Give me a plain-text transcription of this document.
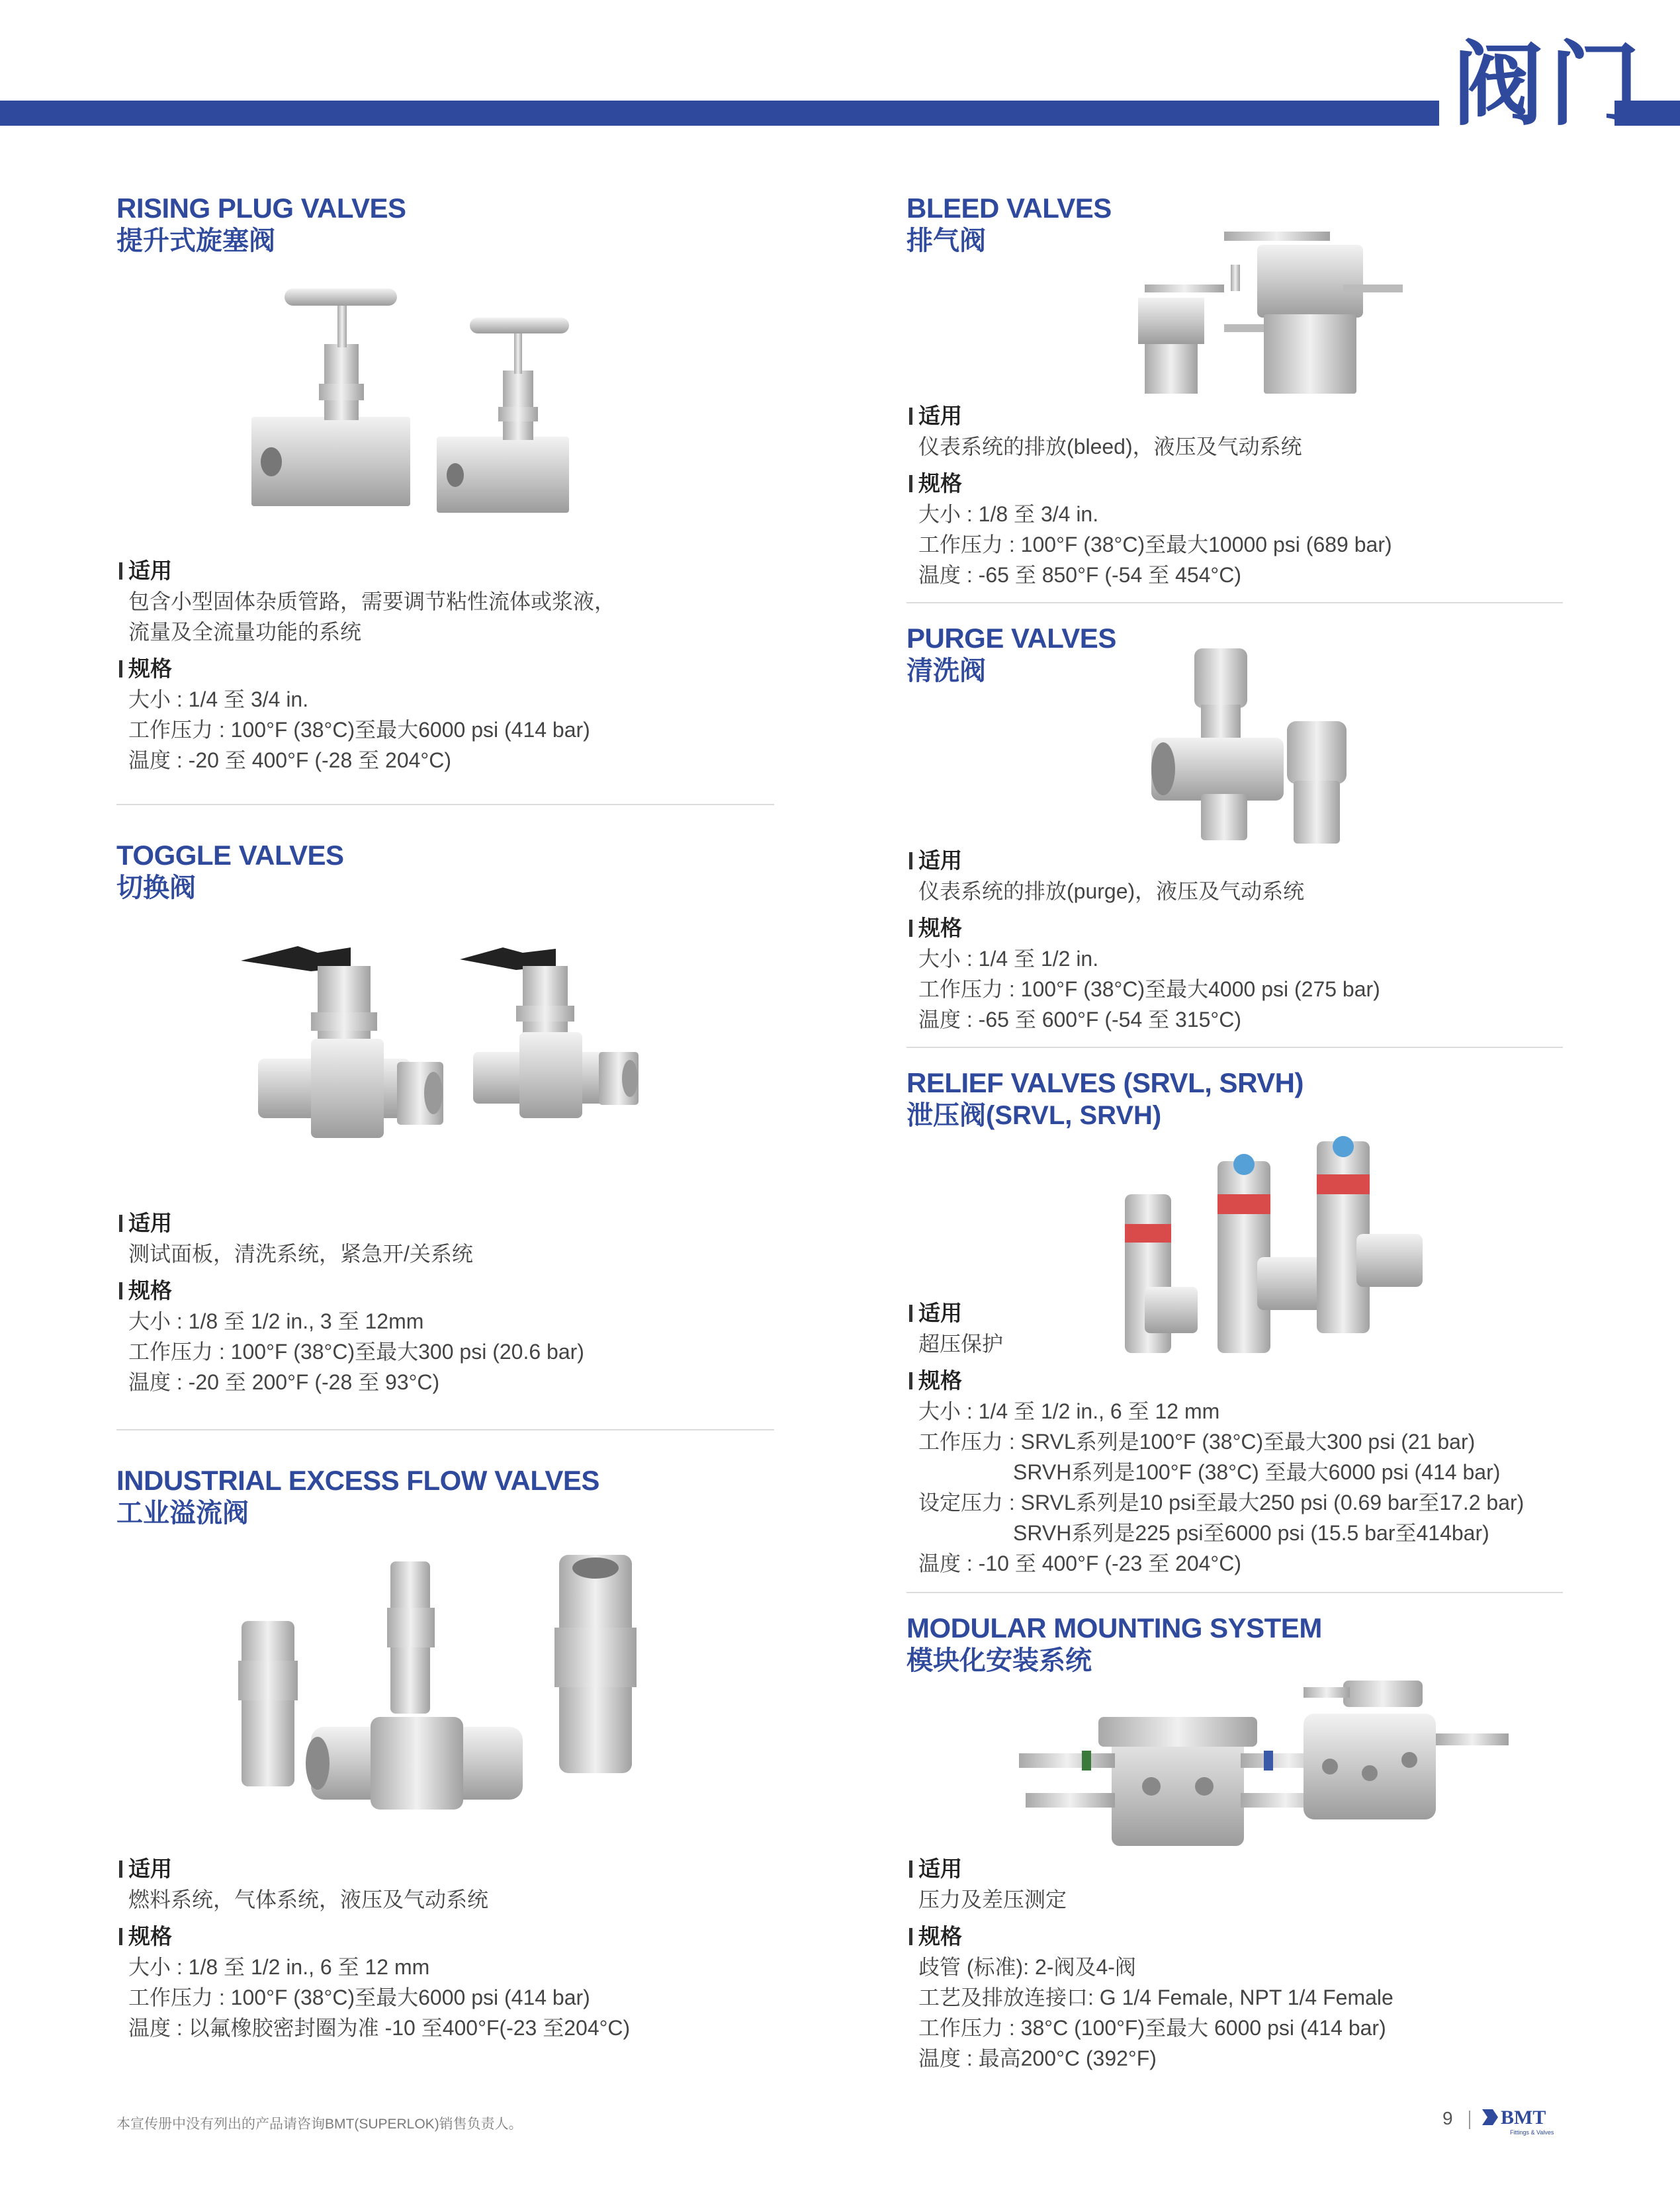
阀门
RISING PLUG VALVES
提升式旋塞阀
适用
包含小型固体杂质管路，需要调节粘性流体或浆液，
流量及全流量功能的系统
规格
大小 : 1/4 至 3/4 in.
工作压力 : 100°F (38°C)至最大6000 psi (414 bar)
温度 : -20 至 400°F (-28 至 204°C)
TOGGLE VALVES
切换阀
适用
测试面板，清洗系统，紧急开/关系统
规格
大小 : 1/8 至 1/2 in., 3 至 12mm
工作压力 : 100°F (38°C)至最大300 psi (20.6 bar)
温度 : -20 至 200°F (-28 至 93°C)
INDUSTRIAL EXCESS FLOW VALVES
工业溢流阀
适用
燃料系统，气体系统，液压及气动系统
规格
大小 : 1/8 至 1/2 in., 6 至 12 mm
工作压力 : 100°F (38°C)至最大6000 psi (414 bar)
温度 : 以氟橡胶密封圈为准 -10 至400°F(-23 至204°C)
BLEED VALVES
排气阀
适用
仪表系统的排放(bleed)，液压及气动系统
规格
大小 : 1/8 至 3/4 in.
工作压力 : 100°F (38°C)至最大10000 psi (689 bar)
温度 : -65 至 850°F (-54 至 454°C)
PURGE VALVES
清洗阀
适用
仪表系统的排放(purge)，液压及气动系统
规格
大小 : 1/4 至 1/2 in.
工作压力 : 100°F (38°C)至最大4000 psi (275 bar)
温度 : -65 至 600°F (-54 至 315°C)
RELIEF VALVES (SRVL, SRVH)
泄压阀(SRVL, SRVH)
适用
超压保护
规格
大小 : 1/4 至 1/2 in., 6 至 12 mm
工作压力 : SRVL系列是100°F (38°C)至最大300 psi (21 bar)
SRVH系列是100°F (38°C) 至最大6000 psi (414 bar)
设定压力 : SRVL系列是10 psi至最大250 psi (0.69 bar至17.2 bar)
SRVH系列是225 psi至6000 psi (15.5 bar至414bar)
温度 : -10 至 400°F (-23 至 204°C)
MODULAR MOUNTING SYSTEM
模块化安装系统
适用
压力及差压测定
规格
歧管 (标准): 2-阀及4-阀
工艺及排放连接口: G 1/4 Female, NPT 1/4 Female
工作压力 : 38°C (100°F)至最大 6000 psi (414 bar)
温度 : 最高200°C (392°F)
本宣传册中没有列出的产品请咨询BMT(SUPERLOK)销售负责人。	9 BMT
Fittings & Valves
